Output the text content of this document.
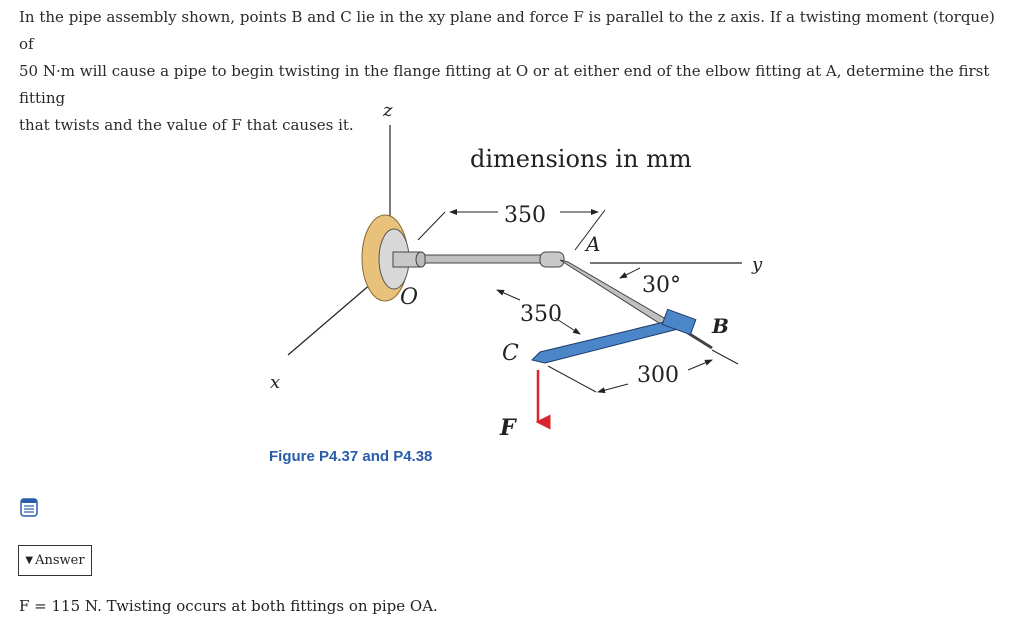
In the pipe assembly shown, points B and C lie in the xy plane and force F is parallel to the z axis. If a twisting moment (torque) of
50 N·m will cause a pipe to begin twisting in the flange fitting at O or at either end of the elbow fitting at A, determine the first fitting
that twists and the value of F that causes it.
z
x
y
dimensions in mm
350
350
300
30°
O
A
B
C
F
Figure P4.37 and P4.38
▼ Answer
F = 115 N. Twisting occurs at both fittings on pipe OA.
